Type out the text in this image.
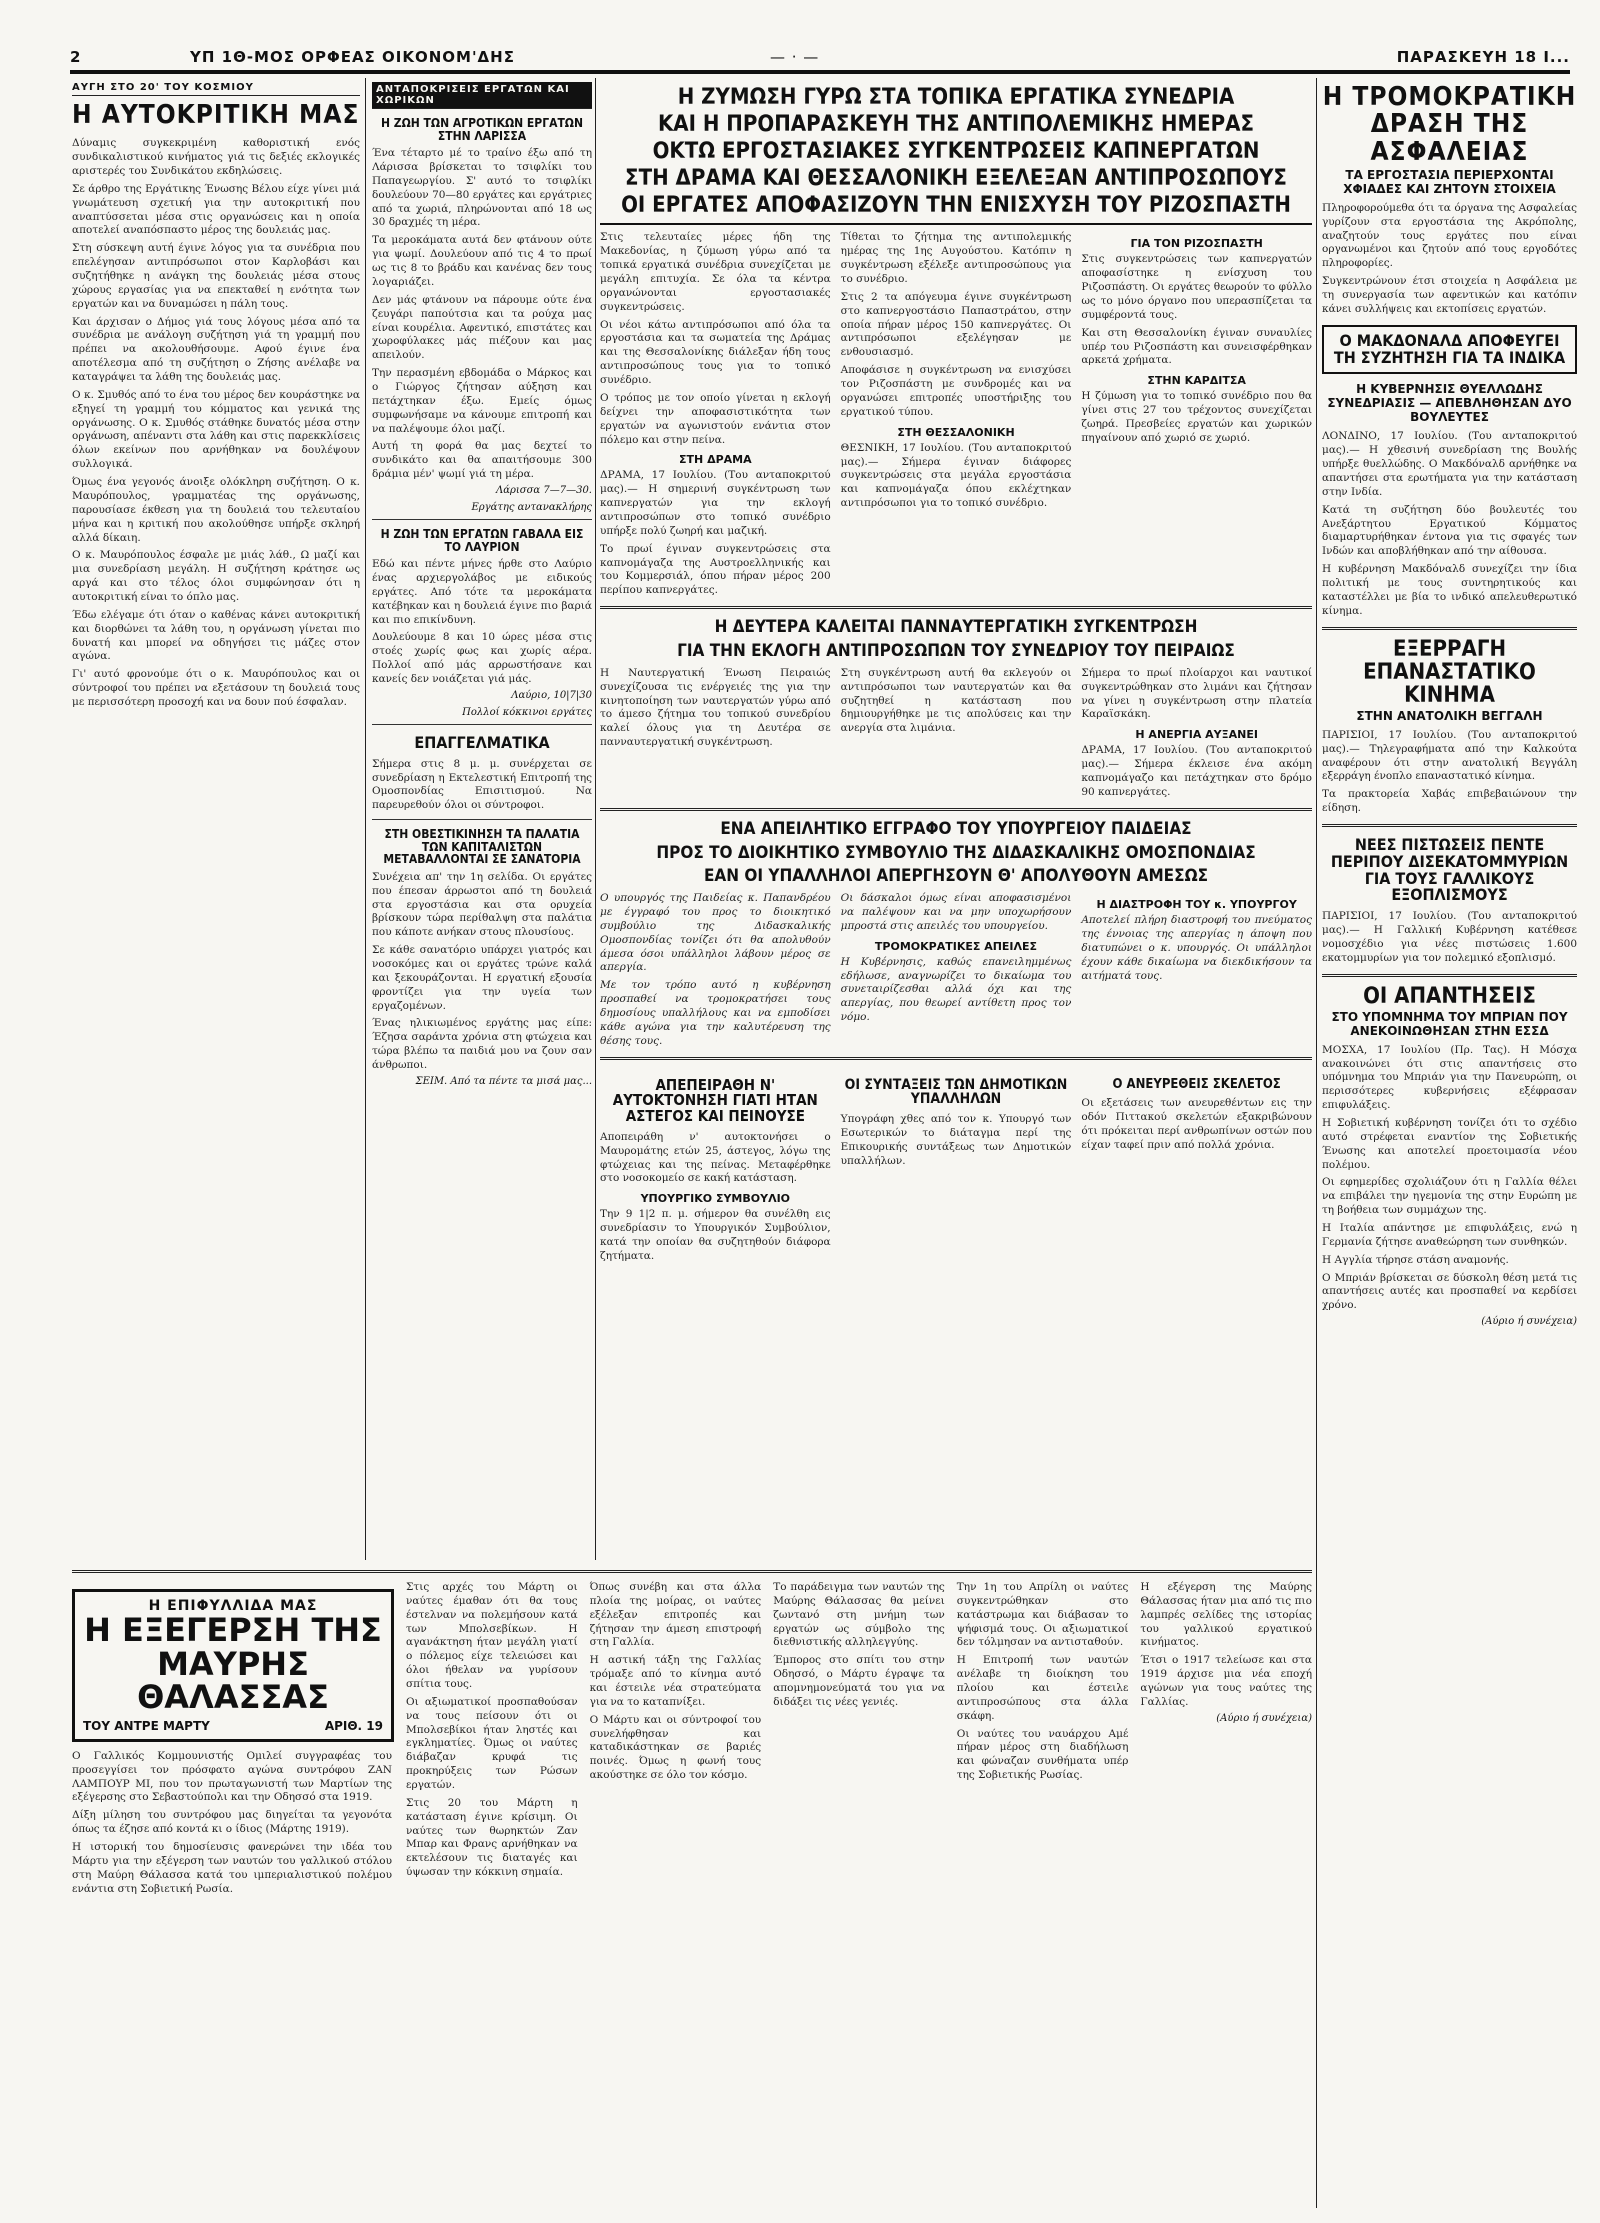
2	ΥΠ 1Θ-ΜΟΣ ΟΡΦΕΑΣ ΟΙΚΟΝΟΜ'ΔΗΣ	— · —	ΠΑΡΑΣΚΕΥΗ 18 Ι...
ΑΥΓΗ ΣΤΟ 20' ΤΟΥ ΚΟΣΜΙΟΥ
Η ΑΥΤΟΚΡΙΤΙΚΗ ΜΑΣ

Δύναμις συγκεκριμένη καθοριστική ενός συνδικαλιστικού κινήματος γιά τις δεξιές εκλογικές αριστερές του Συνδικάτου εκδηλώσεις.

Σε άρθρο της Εργάτικης Ένωσης Βέλου είχε γίνει μιά γνωμάτευση σχετική για την αυτοκριτική που αναπτύσσεται μέσα στις οργανώσεις και η οποία αποτελεί αναπόσπαστο μέρος της δουλειάς μας.

Στη σύσκεψη αυτή έγινε λόγος για τα συνέδρια που επελέγησαν αντιπρόσωποι στον Καρλοβάσι και συζητήθηκε η ανάγκη της δουλειάς μέσα στους χώρους εργασίας για να επεκταθεί η ενότητα των εργατών και να δυναμώσει η πάλη τους.

Και άρχισαν ο Δήμος γιά τους λόγους μέσα από τα συνέδρια με ανάλογη συζήτηση γιά τη γραμμή που πρέπει να ακολουθήσουμε. Αφού έγινε ένα αποτέλεσμα από τη συζήτηση ο Ζήσης ανέλαβε να καταγράψει τα λάθη της δουλειάς μας.

Ο κ. Σμυθός από το ένα του μέρος δεν κουράστηκε να εξηγεί τη γραμμή του κόμματος και γενικά της οργάνωσης. Ο κ. Σμυθός στάθηκε δυνατός μέσα στην οργάνωση, απέναντι στα λάθη και στις παρεκκλίσεις όλων εκείνων που αρνήθηκαν να δουλέψουν συλλογικά.

Όμως ένα γεγονός άνοιξε ολόκληρη συζήτηση. Ο κ. Μαυρόπουλος, γραμματέας της οργάνωσης, παρουσίασε έκθεση για τη δουλειά του τελευταίου μήνα και η κριτική που ακολούθησε υπήρξε σκληρή αλλά δίκαιη.

Ο κ. Μαυρόπουλος έσφαλε με μιάς λάθ., Ω μαζί και μια συνεδρίαση μεγάλη. Η συζήτηση κράτησε ως αργά και στο τέλος όλοι συμφώνησαν ότι η αυτοκριτική είναι το όπλο μας.

Έδω ελέγαμε ότι όταν ο καθένας κάνει αυτοκριτική και διορθώνει τα λάθη του, η οργάνωση γίνεται πιο δυνατή και μπορεί να οδηγήσει τις μάζες στον αγώνα.

Γι' αυτό φρονούμε ότι ο κ. Μαυρόπουλος και οι σύντροφοί του πρέπει να εξετάσουν τη δουλειά τους με περισσότερη προσοχή και να δουν πού έσφαλαν.

ΑΝΤΑΠΟΚΡΙΣΕΙΣ ΕΡΓΑΤΩΝ ΚΑΙ ΧΩΡΙΚΩΝ
Η ΖΩΗ ΤΩΝ ΑΓΡΟΤΙΚΩΝ ΕΡΓΑΤΩΝ ΣΤΗΝ ΛΑΡΙΣΣΑ

Ένα τέταρτο μέ το τραίνο έξω από τη Λάρισσα βρίσκεται το τσιφλίκι του Παπαγεωργίου. Σ' αυτό το τσιφλίκι δουλεύουν 70—80 εργάτες και εργάτριες από τα χωριά, πληρώνονται από 18 ως 30 δραχμές τη μέρα.

Τα μεροκάματα αυτά δεν φτάνουν ούτε για ψωμί. Δουλεύουν από τις 4 το πρωί ως τις 8 το βράδυ και κανένας δεν τους λογαριάζει.

Δεν μάς φτάνουν να πάρουμε ούτε ένα ζευγάρι παπούτσια και τα ρούχα μας είναι κουρέλια. Αφεντικό, επιστάτες και χωροφύλακες μάς πιέζουν και μας απειλούν.

Την περασμένη εβδομάδα ο Μάρκος και ο Γιώργος ζήτησαν αύξηση και πετάχτηκαν έξω. Εμείς όμως συμφωνήσαμε να κάνουμε επιτροπή και να παλέψουμε όλοι μαζί.

Αυτή τη φορά θα μας δεχτεί το συνδικάτο και θα απαιτήσουμε 300 δράμια μέν' ψωμί γιά τη μέρα.

Λάρισσα 7—7—30.
Εργάτης αντανακλήρης
Η ΖΩΗ ΤΩΝ ΕΡΓΑΤΩΝ ΓΑΒΑΛΑ ΕΙΣ ΤΟ ΛΑΥΡΙΟΝ

Εδώ και πέντε μήνες ήρθε στο Λαύριο ένας αρχιεργολάβος με ειδικούς εργάτες. Από τότε τα μεροκάματα κατέβηκαν και η δουλειά έγινε πιο βαριά και πιο επικίνδυνη.

Δουλεύουμε 8 και 10 ώρες μέσα στις στοές χωρίς φως και χωρίς αέρα. Πολλοί από μάς αρρωστήσανε και κανείς δεν νοιάζεται γιά μάς.

Λαύριο, 10|7|30
Πολλοί κόκκινοι εργάτες
ΕΠΑΓΓΕΛΜΑΤΙΚΑ

Σήμερα στις 8 μ. μ. συνέρχεται σε συνεδρίαση η Εκτελεστική Επιτροπή της Ομοσπονδίας Επισιτισμού. Να παρευρεθούν όλοι οι σύντροφοι.

ΣΤΗ ΟΒΕΣΤΙΚΙΝΗΣΗ ΤΑ ΠΑΛΑΤΙΑ ΤΩΝ ΚΑΠΙΤΑΛΙΣΤΩΝ ΜΕΤΑΒΑΛΛΟΝΤΑΙ ΣΕ ΣΑΝΑΤΟΡΙΑ

Συνέχεια απ' την 1η σελίδα. Οι εργάτες που έπεσαν άρρωστοι από τη δουλειά στα εργοστάσια και στα ορυχεία βρίσκουν τώρα περίθαλψη στα παλάτια που κάποτε ανήκαν στους πλουσίους.

Σε κάθε σανατόριο υπάρχει γιατρός και νοσοκόμες και οι εργάτες τρώνε καλά και ξεκουράζονται. Η εργατική εξουσία φροντίζει για την υγεία των εργαζομένων.

Ένας ηλικιωμένος εργάτης μας είπε: Έζησα σαράντα χρόνια στη φτώχεια και τώρα βλέπω τα παιδιά μου να ζουν σαν άνθρωποι.

ΣΕΙΜ. Από τα πέντε τα μισά μας...
Η ΖΥΜΩΣΗ ΓΥΡΩ ΣΤΑ ΤΟΠΙΚΑ ΕΡΓΑΤΙΚΑ ΣΥΝΕΔΡΙΑ
ΚΑΙ Η ΠΡΟΠΑΡΑΣΚΕΥΗ ΤΗΣ ΑΝΤΙΠΟΛΕΜΙΚΗΣ ΗΜΕΡΑΣ
ΟΚΤΩ ΕΡΓΟΣΤΑΣΙΑΚΕΣ ΣΥΓΚΕΝΤΡΩΣΕΙΣ ΚΑΠΝΕΡΓΑΤΩΝ
ΣΤΗ ΔΡΑΜΑ ΚΑΙ ΘΕΣΣΑΛΟΝΙΚΗ ΕΞΕΛΕΞΑΝ ΑΝΤΙΠΡΟΣΩΠΟΥΣ
ΟΙ ΕΡΓΑΤΕΣ ΑΠΟΦΑΣΙΖΟΥΝ ΤΗΝ ΕΝΙΣΧΥΣΗ ΤΟΥ ΡΙΖΟΣΠΑΣΤΗ

Στις τελευταίες μέρες ήδη της Μακεδονίας, η ζύμωση γύρω από τα τοπικά εργατικά συνέδρια συνεχίζεται με μεγάλη επιτυχία. Σε όλα τα κέντρα οργανώνονται εργοστασιακές συγκεντρώσεις.

Οι νέοι κάτω αντιπρόσωποι από όλα τα εργοστάσια και τα σωματεία της Δράμας και της Θεσσαλονίκης διάλεξαν ήδη τους αντιπροσώπους τους για το τοπικό συνέδριο.

Ο τρόπος με τον οποίο γίνεται η εκλογή δείχνει την αποφασιστικότητα των εργατών να αγωνιστούν ενάντια στον πόλεμο και στην πείνα.

ΣΤΗ ΔΡΑΜΑ

ΔΡΑΜΑ, 17 Ιουλίου. (Του ανταποκριτού μας).— Η σημερινή συγκέντρωση των καπνεργατών για την εκλογή αντιπροσώπων στο τοπικό συνέδριο υπήρξε πολύ ζωηρή και μαζική.

Το πρωί έγιναν συγκεντρώσεις στα καπνομάγαζα της Αυστροελληνικής και του Κομμερσιάλ, όπου πήραν μέρος 200 περίπου καπνεργάτες.

Τίθεται το ζήτημα της αντιπολεμικής ημέρας της 1ης Αυγούστου. Κατόπιν η συγκέντρωση εξέλεξε αντιπροσώπους για το συνέδριο.

Στις 2 τα απόγευμα έγινε συγκέντρωση στο καπνεργοστάσιο Παπαστράτου, στην οποία πήραν μέρος 150 καπνεργάτες. Οι αντιπρόσωποι εξελέγησαν με ενθουσιασμό.

Αποφάσισε η συγκέντρωση να ενισχύσει τον Ριζοσπάστη με συνδρομές και να οργανώσει επιτροπές υποστήριξης του εργατικού τύπου.

ΣΤΗ ΘΕΣΣΑΛΟΝΙΚΗ

ΘΕΣΝΙΚΗ, 17 Ιουλίου. (Του ανταποκριτού μας).— Σήμερα έγιναν διάφορες συγκεντρώσεις στα μεγάλα εργοστάσια και καπνομάγαζα όπου εκλέχτηκαν αντιπρόσωποι για το τοπικό συνέδριο.

ΓΙΑ ΤΟΝ ΡΙΖΟΣΠΑΣΤΗ

Στις συγκεντρώσεις των καπνεργατών αποφασίστηκε η ενίσχυση του Ριζοσπάστη. Οι εργάτες θεωρούν το φύλλο ως το μόνο όργανο που υπερασπίζεται τα συμφέροντά τους.

Και στη Θεσσαλονίκη έγιναν συναυλίες υπέρ του Ριζοσπάστη και συνεισφέρθηκαν αρκετά χρήματα.

ΣΤΗΝ ΚΑΡΔΙΤΣΑ

Η ζύμωση για το τοπικό συνέδριο που θα γίνει στις 27 του τρέχοντος συνεχίζεται ζωηρά. Πρεσβείες εργατών και χωρικών πηγαίνουν από χωριό σε χωριό.

Η ΔΕΥΤΕΡΑ ΚΑΛΕΙΤΑΙ ΠΑΝΝΑΥΤΕΡΓΑΤΙΚΗ ΣΥΓΚΕΝΤΡΩΣΗ
ΓΙΑ ΤΗΝ ΕΚΛΟΓΗ ΑΝΤΙΠΡΟΣΩΠΩΝ ΤΟΥ ΣΥΝΕΔΡΙΟΥ ΤΟΥ ΠΕΙΡΑΙΩΣ

Η Ναυτεργατική Ένωση Πειραιώς συνεχίζουσα τις ενέργειές της για την κινητοποίηση των ναυτεργατών γύρω από το άμεσο ζήτημα του τοπικού συνεδρίου καλεί όλους για τη Δευτέρα σε πανναυτεργατική συγκέντρωση.

Στη συγκέντρωση αυτή θα εκλεγούν οι αντιπρόσωποι των ναυτεργατών και θα συζητηθεί η κατάσταση που δημιουργήθηκε με τις απολύσεις και την ανεργία στα λιμάνια.

Σήμερα το πρωί πλοίαρχοι και ναυτικοί συγκεντρώθηκαν στο λιμάνι και ζήτησαν να γίνει η συγκέντρωση στην πλατεία Καραϊσκάκη.

Η ΑΝΕΡΓΙΑ ΑΥΞΑΝΕΙ

ΔΡΑΜΑ, 17 Ιουλίου. (Του ανταποκριτού μας).— Σήμερα έκλεισε ένα ακόμη καπνομάγαζο και πετάχτηκαν στο δρόμο 90 καπνεργάτες.

ΕΝΑ ΑΠΕΙΛΗΤΙΚΟ ΕΓΓΡΑΦΟ ΤΟΥ ΥΠΟΥΡΓΕΙΟΥ ΠΑΙΔΕΙΑΣ
ΠΡΟΣ ΤΟ ΔΙΟΙΚΗΤΙΚΟ ΣΥΜΒΟΥΛΙΟ ΤΗΣ ΔΙΔΑΣΚΑΛΙΚΗΣ ΟΜΟΣΠΟΝΔΙΑΣ
ΕΑΝ ΟΙ ΥΠΑΛΛΗΛΟΙ ΑΠΕΡΓΗΣΟΥΝ Θ' ΑΠΟΛΥΘΟΥΝ ΑΜΕΣΩΣ

Ο υπουργός της Παιδείας κ. Παπανδρέου με έγγραφό του προς το διοικητικό συμβούλιο της Διδασκαλικής Ομοσπονδίας τονίζει ότι θα απολυθούν άμεσα όσοι υπάλληλοι λάβουν μέρος σε απεργία.

Με τον τρόπο αυτό η κυβέρνηση προσπαθεί να τρομοκρατήσει τους δημοσίους υπαλλήλους και να εμποδίσει κάθε αγώνα για την καλυτέρευση της θέσης τους.

Οι δάσκαλοι όμως είναι αποφασισμένοι να παλέψουν και να μην υποχωρήσουν μπροστά στις απειλές του υπουργείου.

ΤΡΟΜΟΚΡΑΤΙΚΕΣ ΑΠΕΙΛΕΣ

Η Κυβέρνησις, καθώς επανειλημμένως εδήλωσε, αναγνωρίζει το δικαίωμα του συνεταιρίζεσθαι αλλά όχι και της απεργίας, που θεωρεί αντίθετη προς τον νόμο.

Η ΔΙΑΣΤΡΟΦΗ ΤΟΥ κ. ΥΠΟΥΡΓΟΥ

Αποτελεί πλήρη διαστροφή του πνεύματος της έννοιας της απεργίας η άποψη που διατυπώνει ο κ. υπουργός. Οι υπάλληλοι έχουν κάθε δικαίωμα να διεκδικήσουν τα αιτήματά τους.

ΑΠΕΠΕΙΡΑΘΗ Ν' ΑΥΤΟΚΤΟΝΗΣΗ ΓΙΑΤΙ ΗΤΑΝ ΑΣΤΕΓΟΣ ΚΑΙ ΠΕΙΝΟΥΣΕ

Αποπειράθη ν' αυτοκτονήσει ο Μαυρομάτης ετών 25, άστεγος, λόγω της φτώχειας και της πείνας. Μεταφέρθηκε στο νοσοκομείο σε κακή κατάσταση.

ΥΠΟΥΡΓΙΚΟ ΣΥΜΒΟΥΛΙΟ

Την 9 1|2 π. μ. σήμερον θα συνέλθη εις συνεδρίασιν το Υπουργικόν Συμβούλιον, κατά την οποίαν θα συζητηθούν διάφορα ζητήματα.

ΟΙ ΣΥΝΤΑΞΕΙΣ ΤΩΝ ΔΗΜΟΤΙΚΩΝ ΥΠΑΛΛΗΛΩΝ

Υπογράφη χθες από τον κ. Υπουργό των Εσωτερικών το διάταγμα περί της Επικουρικής συντάξεως των Δημοτικών υπαλλήλων.

Ο ΑΝΕΥΡΕΘΕΙΣ ΣΚΕΛΕΤΟΣ

Οι εξετάσεις των ανευρεθέντων εις την οδόν Πιττακού σκελετών εξακριβώνουν ότι πρόκειται περί ανθρωπίνων οστών που είχαν ταφεί πριν από πολλά χρόνια.

Η ΤΡΟΜΟΚΡΑΤΙΚΗ ΔΡΑΣΗ ΤΗΣ ΑΣΦΑΛΕΙΑΣ
ΤΑ ΕΡΓΟΣΤΑΣΙΑ ΠΕΡΙΕΡΧΟΝΤΑΙ ΧΦΙΑΔΕΣ ΚΑΙ ΖΗΤΟΥΝ ΣΤΟΙΧΕΙΑ

Πληροφορούμεθα ότι τα όργανα της Ασφαλείας γυρίζουν στα εργοστάσια της Ακρόπολης, αναζητούν τους εργάτες που είναι οργανωμένοι και ζητούν από τους εργοδότες πληροφορίες.

Συγκεντρώνουν έτσι στοιχεία η Ασφάλεια με τη συνεργασία των αφεντικών και κατόπιν κάνει συλλήψεις και εκτοπίσεις εργατών.

Ο ΜΑΚΔΟΝΑΛΔ ΑΠΟΦΕΥΓΕΙ ΤΗ ΣΥΖΗΤΗΣΗ ΓΙΑ ΤΑ ΙΝΔΙΚΑ
Η ΚΥΒΕΡΝΗΣΙΣ ΘΥΕΛΛΩΔΗΣ ΣΥΝΕΔΡΙΑΣΙΣ — ΑΠΕΒΛΗΘΗΣΑΝ ΔΥΟ ΒΟΥΛΕΥΤΕΣ

ΛΟΝΔΙΝΟ, 17 Ιουλίου. (Του ανταποκριτού μας).— Η χθεσινή συνεδρίαση της Βουλής υπήρξε θυελλώδης. Ο Μακδόναλδ αρνήθηκε να απαντήσει στα ερωτήματα για την κατάσταση στην Ινδία.

Κατά τη συζήτηση δύο βουλευτές του Ανεξάρτητου Εργατικού Κόμματος διαμαρτυρήθηκαν έντονα για τις σφαγές των Ινδών και αποβλήθηκαν από την αίθουσα.

Η κυβέρνηση Μακδόναλδ συνεχίζει την ίδια πολιτική με τους συντηρητικούς και καταστέλλει με βία το ινδικό απελευθερωτικό κίνημα.

ΕΞΕΡΡΑΓΗ ΕΠΑΝΑΣΤΑΤΙΚΟ ΚΙΝΗΜΑ
ΣΤΗΝ ΑΝΑΤΟΛΙΚΗ ΒΕΓΓΑΛΗ

ΠΑΡΙΣΙΟΙ, 17 Ιουλίου. (Του ανταποκριτού μας).— Τηλεγραφήματα από την Καλκούτα αναφέρουν ότι στην ανατολική Βεγγάλη εξερράγη ένοπλο επαναστατικό κίνημα.

Τα πρακτορεία Χαβάς επιβεβαιώνουν την είδηση.

ΝΕΕΣ ΠΙΣΤΩΣΕΙΣ ΠΕΝΤΕ ΠΕΡΙΠΟΥ ΔΙΣΕΚΑΤΟΜΜΥΡΙΩΝ ΓΙΑ ΤΟΥΣ ΓΑΛΛΙΚΟΥΣ ΕΞΟΠΛΙΣΜΟΥΣ

ΠΑΡΙΣΙΟΙ, 17 Ιουλίου. (Του ανταποκριτού μας).— Η Γαλλική Κυβέρνηση κατέθεσε νομοσχέδιο για νέες πιστώσεις 1.600 εκατομμυρίων για τον πολεμικό εξοπλισμό.

ΟΙ ΑΠΑΝΤΗΣΕΙΣ
ΣΤΟ ΥΠΟΜΝΗΜΑ ΤΟΥ ΜΠΡΙΑΝ ΠΟΥ ΑΝΕΚΟΙΝΩΘΗΣΑΝ ΣΤΗΝ ΕΣΣΔ

ΜΟΣΧΑ, 17 Ιουλίου (Πρ. Τας). Η Μόσχα ανακοινώνει ότι στις απαντήσεις στο υπόμνημα του Μπριάν για την Πανευρώπη, οι περισσότερες κυβερνήσεις εξέφρασαν επιφυλάξεις.

Η Σοβιετική κυβέρνηση τονίζει ότι το σχέδιο αυτό στρέφεται εναντίον της Σοβιετικής Ένωσης και αποτελεί προετοιμασία νέου πολέμου.

Οι εφημερίδες σχολιάζουν ότι η Γαλλία θέλει να επιβάλει την ηγεμονία της στην Ευρώπη με τη βοήθεια των συμμάχων της.

Η Ιταλία απάντησε με επιφυλάξεις, ενώ η Γερμανία ζήτησε αναθεώρηση των συνθηκών.

Η Αγγλία τήρησε στάση αναμονής.

Ο Μπριάν βρίσκεται σε δύσκολη θέση μετά τις απαντήσεις αυτές και προσπαθεί να κερδίσει χρόνο.

(Αύριο ή συνέχεια)
Η ΕΠΙΦΥΛΛΙΔΑ ΜΑΣ
Η ΕΞΕΓΕΡΣΗ ΤΗΣ ΜΑΥΡΗΣ ΘΑΛΑΣΣΑΣ
ΤΟΥ ΑΝΤΡΕ ΜΑΡΤΥ	ΑΡΙΘ. 19

Ο Γαλλικός Κομμουνιστής Ομιλεί συγγραφέας του προσεγγίσει τον πρόσφατο αγώνα συντρόφου ΖΑΝ ΛΑΜΠΟΥΡ ΜΙ, που τον πρωταγωνιστή των Μαρτίων της εξέγερσης στο Σεβαστούπολι και την Οδησσό στα 1919.

Δίξη μίληση του συντρόφου μας διηγείται τα γεγονότα όπως τα έζησε από κοντά κι ο ίδιος (Μάρτης 1919).

Η ιστορική του δημοσίευσις φανερώνει την ιδέα του Μάρτυ για την εξέγερση των ναυτών του γαλλικού στόλου στη Μαύρη Θάλασσα κατά του ιμπεριαλιστικού πολέμου ενάντια στη Σοβιετική Ρωσία.

Στις αρχές του Μάρτη οι ναύτες έμαθαν ότι θα τους έστελναν να πολεμήσουν κατά των Μπολσεβίκων. Η αγανάκτηση ήταν μεγάλη γιατί ο πόλεμος είχε τελειώσει και όλοι ήθελαν να γυρίσουν σπίτια τους.

Οι αξιωματικοί προσπαθούσαν να τους πείσουν ότι οι Μπολσεβίκοι ήταν ληστές και εγκληματίες. Όμως οι ναύτες διάβαζαν κρυφά τις προκηρύξεις των Ρώσων εργατών.

Στις 20 του Μάρτη η κατάσταση έγινε κρίσιμη. Οι ναύτες των θωρηκτών Ζαν Μπαρ και Φρανς αρνήθηκαν να εκτελέσουν τις διαταγές και ύψωσαν την κόκκινη σημαία.

Όπως συνέβη και στα άλλα πλοία της μοίρας, οι ναύτες εξέλεξαν επιτροπές και ζήτησαν την άμεση επιστροφή στη Γαλλία.

Η αστική τάξη της Γαλλίας τρόμαξε από το κίνημα αυτό και έστειλε νέα στρατεύματα για να το καταπνίξει.

Ο Μάρτυ και οι σύντροφοί του συνελήφθησαν και καταδικάστηκαν σε βαριές ποινές. Όμως η φωνή τους ακούστηκε σε όλο τον κόσμο.

Το παράδειγμα των ναυτών της Μαύρης Θάλασσας θα μείνει ζωντανό στη μνήμη των εργατών ως σύμβολο της διεθνιστικής αλληλεγγύης.

Έμπορος στο σπίτι του στην Οδησσό, ο Μάρτυ έγραψε τα απομνημονεύματά του για να διδάξει τις νέες γενιές.

Την 1η του Απρίλη οι ναύτες συγκεντρώθηκαν στο κατάστρωμα και διάβασαν το ψήφισμά τους. Οι αξιωματικοί δεν τόλμησαν να αντισταθούν.

Η Επιτροπή των ναυτών ανέλαβε τη διοίκηση του πλοίου και έστειλε αντιπροσώπους στα άλλα σκάφη.

Οι ναύτες του ναυάρχου Αμέ πήραν μέρος στη διαδήλωση και φώναζαν συνθήματα υπέρ της Σοβιετικής Ρωσίας.

Η εξέγερση της Μαύρης Θάλασσας ήταν μια από τις πιο λαμπρές σελίδες της ιστορίας του γαλλικού εργατικού κινήματος.

Έτσι ο 1917 τελείωσε και στα 1919 άρχισε μια νέα εποχή αγώνων για τους ναύτες της Γαλλίας.

(Αύριο ή συνέχεια)
